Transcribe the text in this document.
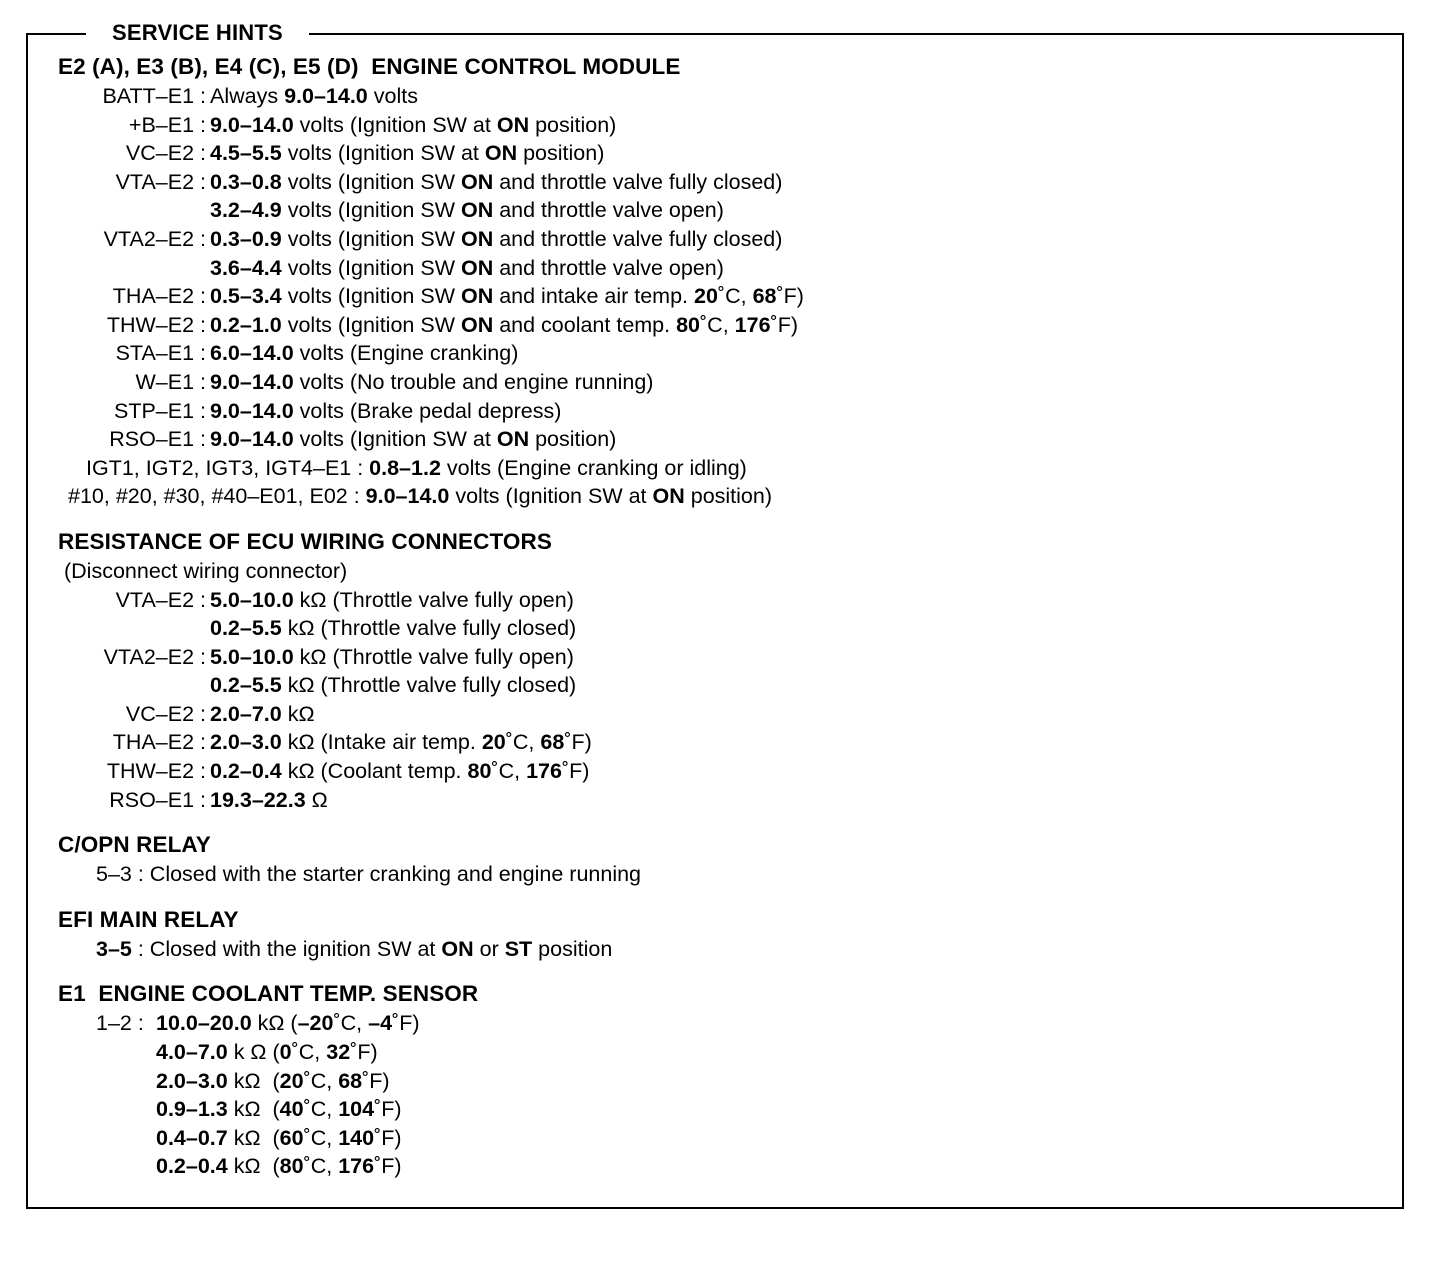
SERVICE HINTS
E2 (A), E3 (B), E4 (C), E5 (D)  ENGINE CONTROL MODULE
BATT–E1 : Always 9.0–14.0 volts
+B–E1 : 9.0–14.0 volts (Ignition SW at ON position)
VC–E2 : 4.5–5.5 volts (Ignition SW at ON position)
VTA–E2 : 0.3–0.8 volts (Ignition SW ON and throttle valve fully closed)
3.2–4.9 volts (Ignition SW ON and throttle valve open)
VTA2–E2 : 0.3–0.9 volts (Ignition SW ON and throttle valve fully closed)
3.6–4.4 volts (Ignition SW ON and throttle valve open)
THA–E2 : 0.5–3.4 volts (Ignition SW ON and intake air temp. 20˚C, 68˚F)
THW–E2 : 0.2–1.0 volts (Ignition SW ON and coolant temp. 80˚C, 176˚F)
STA–E1 : 6.0–14.0 volts (Engine cranking)
W–E1 : 9.0–14.0 volts (No trouble and engine running)
STP–E1 : 9.0–14.0 volts (Brake pedal depress)
RSO–E1 : 9.0–14.0 volts (Ignition SW at ON position)
IGT1, IGT2, IGT3, IGT4–E1 : 0.8–1.2 volts (Engine cranking or idling)
#10, #20, #30, #40–E01, E02 : 9.0–14.0 volts (Ignition SW at ON position)
RESISTANCE OF ECU WIRING CONNECTORS
(Disconnect wiring connector)
VTA–E2 : 5.0–10.0 kΩ (Throttle valve fully open)
0.2–5.5 kΩ (Throttle valve fully closed)
VTA2–E2 : 5.0–10.0 kΩ (Throttle valve fully open)
0.2–5.5 kΩ (Throttle valve fully closed)
VC–E2 : 2.0–7.0 kΩ
THA–E2 : 2.0–3.0 kΩ (Intake air temp. 20˚C, 68˚F)
THW–E2 : 0.2–0.4 kΩ (Coolant temp. 80˚C, 176˚F)
RSO–E1 : 19.3–22.3 Ω
C/OPN RELAY
5–3 : Closed with the starter cranking and engine running
EFI MAIN RELAY
3–5 : Closed with the ignition SW at ON or ST position
E1  ENGINE COOLANT TEMP. SENSOR
1–2 : 10.0–20.0 kΩ (–20˚C, –4˚F)
4.0–7.0 k Ω (0˚C, 32˚F)
2.0–3.0 kΩ  (20˚C, 68˚F)
0.9–1.3 kΩ  (40˚C, 104˚F)
0.4–0.7 kΩ  (60˚C, 140˚F)
0.2–0.4 kΩ  (80˚C, 176˚F)
